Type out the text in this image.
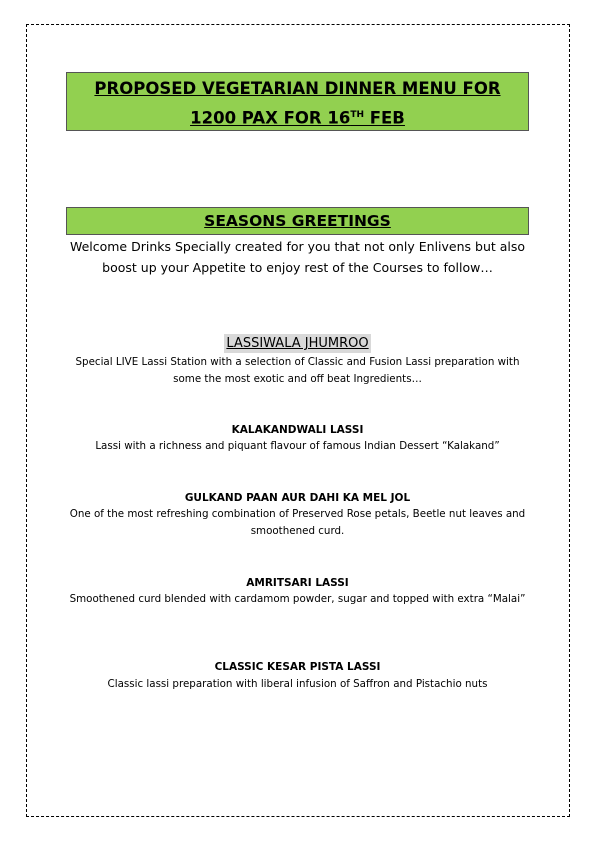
PROPOSED VEGETARIAN DINNER MENU FOR
1200 PAX FOR 16TH FEB
SEASONS GREETINGS
Welcome Drinks Specially created for you that not only Enlivens but also boost up your Appetite to enjoy rest of the Courses to follow…
LASSIWALA JHUMROO
Special LIVE Lassi Station with a selection of Classic and Fusion Lassi preparation with some the most exotic and off beat Ingredients…
KALAKANDWALI LASSI
Lassi with a richness and piquant flavour of famous Indian Dessert “Kalakand”
GULKAND PAAN AUR DAHI KA MEL JOL
One of the most refreshing combination of Preserved Rose petals, Beetle nut leaves and smoothened curd.
AMRITSARI LASSI
Smoothened curd blended with cardamom powder, sugar and topped with extra “Malai”
CLASSIC KESAR PISTA LASSI
Classic lassi preparation with liberal infusion of Saffron and Pistachio nuts
